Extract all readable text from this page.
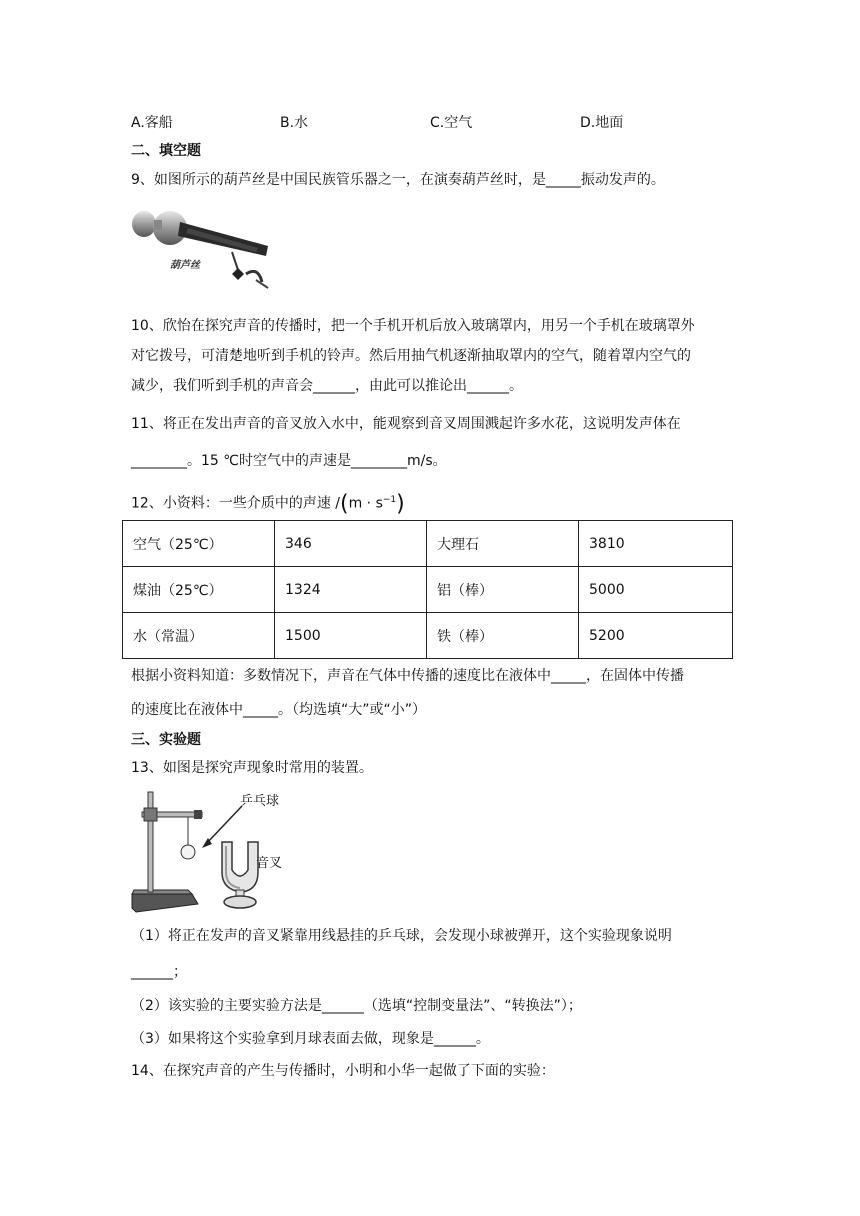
A.客船	B.水	C.空气	D.地面
二、填空题
9、如图所示的葫芦丝是中国民族管乐器之一，在演奏葫芦丝时，是_____振动发声的。
葫芦丝
10、欣怡在探究声音的传播时，把一个手机开机后放入玻璃罩内，用另一个手机在玻璃罩外
对它拨号，可清楚地听到手机的铃声。然后用抽气机逐渐抽取罩内的空气，随着罩内空气的
减少，我们听到手机的声音会______，由此可以推论出______。
11、将正在发出声音的音叉放入水中，能观察到音叉周围溅起许多水花，这说明发声体在
________。15 ℃时空气中的声速是________m/s。
12、小资料：一些介质中的声速 $/(m \cdot s^{-1})$
空气（25℃）	346	大理石	3810
煤油（25℃）	1324	铝（棒）	5000
水（常温）	1500	铁（棒）	5200
根据小资料知道：多数情况下，声音在气体中传播的速度比在液体中_____，在固体中传播
的速度比在液体中_____。（均选填“大”或“小”）
三、实验题
13、如图是探究声现象时常用的装置。
乒乓球
音叉
（1）将正在发声的音叉紧靠用线悬挂的乒乓球，会发现小球被弹开，这个实验现象说明
______；
（2）该实验的主要实验方法是______（选填“控制变量法”、“转换法”）；
（3）如果将这个实验拿到月球表面去做，现象是______。
14、在探究声音的产生与传播时，小明和小华一起做了下面的实验：
